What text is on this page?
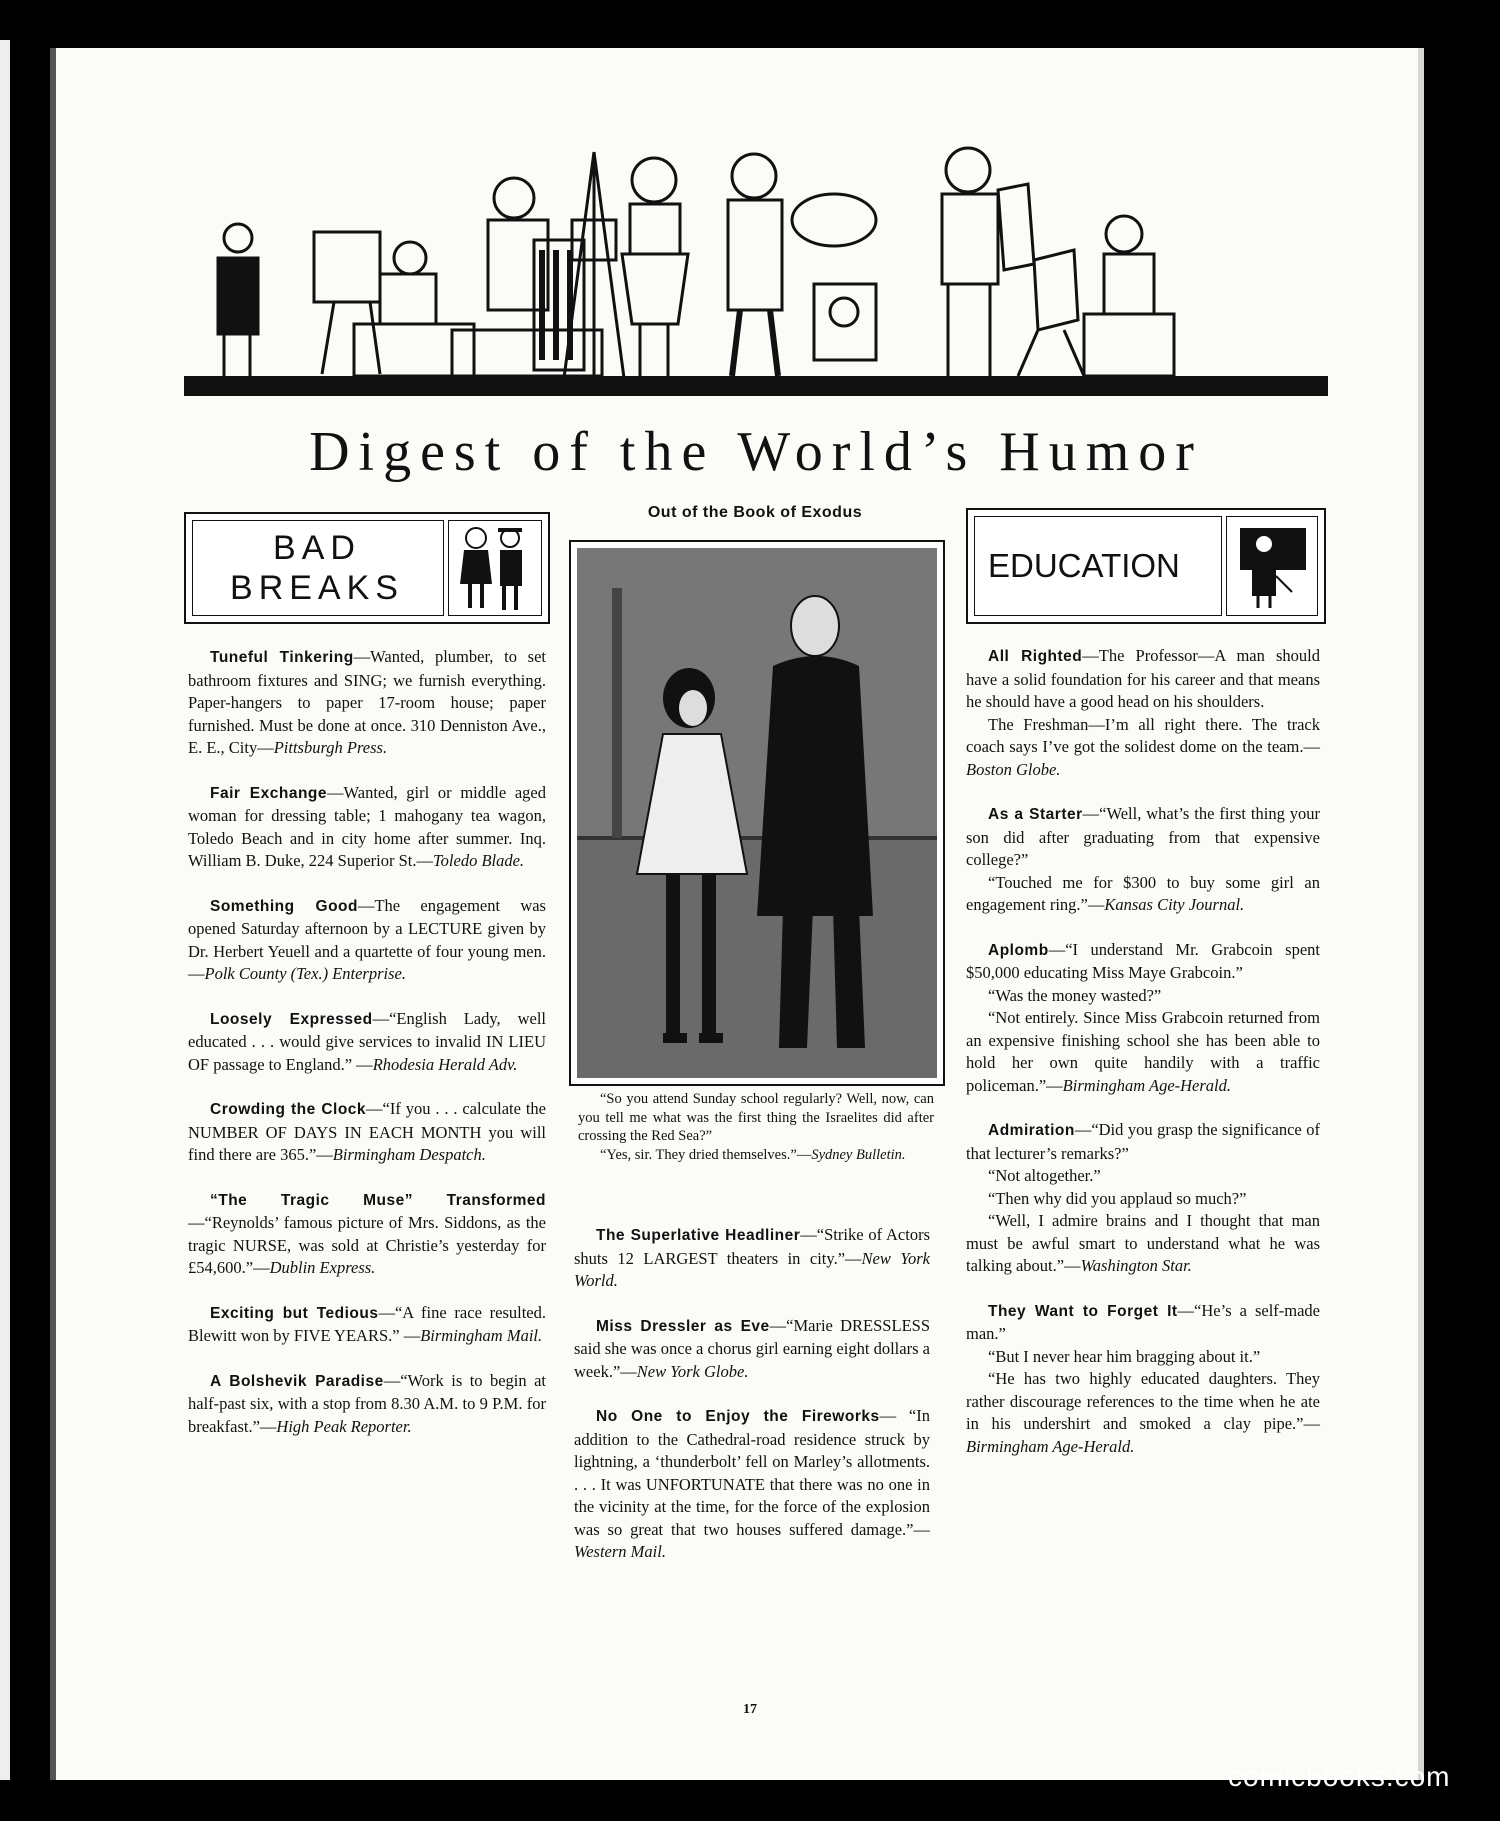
Digest of the World’s Humor
BAD
BREAKS
EDUCATION

Tuneful Tinkering—Wanted, plumber, to set bathroom fixtures and SING; we furnish everything. Paper-hangers to paper 17-room house; paper furnished. Must be done at once. 310 Denniston Ave., E. E., City—Pittsburgh Press.

Fair Exchange—Wanted, girl or middle aged woman for dressing table; 1 mahogany tea wagon, Toledo Beach and in city home after summer. Inq. William B. Duke, 224 Superior St.—Toledo Blade.

Something Good—The engagement was opened Saturday afternoon by a LECTURE given by Dr. Herbert Yeuell and a quartette of four young men.—Polk County (Tex.) Enterprise.

Loosely Expressed—“English Lady, well educated . . . would give services to invalid IN LIEU OF passage to England.” —Rhodesia Herald Adv.

Crowding the Clock—“If you . . . calculate the NUMBER OF DAYS IN EACH MONTH you will find there are 365.”—Birmingham Despatch.

“The Tragic Muse” Transformed —“Reynolds’ famous picture of Mrs. Siddons, as the tragic NURSE, was sold at Christie’s yesterday for £54,600.”—Dublin Express.

Exciting but Tedious—“A fine race resulted. Blewitt won by FIVE YEARS.” —Birmingham Mail.

A Bolshevik Paradise—“Work is to begin at half-past six, with a stop from 8.30 A.M. to 9 P.M. for breakfast.”—High Peak Reporter.

Out of the Book of Exodus

“So you attend Sunday school regularly? Well, now, can you tell me what was the first thing the Israelites did after crossing the Red Sea?”

“Yes, sir. They dried themselves.”—Sydney Bulletin.

The Superlative Headliner—“Strike of Actors shuts 12 LARGEST theaters in city.”—New York World.

Miss Dressler as Eve—“Marie DRESSLESS said she was once a chorus girl earning eight dollars a week.”—New York Globe.

No One to Enjoy the Fireworks— “In addition to the Cathedral-road residence struck by lightning, a ‘thunderbolt’ fell on Marley’s allotments. . . . It was UNFORTUNATE that there was no one in the vicinity at the time, for the force of the explosion was so great that two houses suffered damage.”—Western Mail.

All Righted—The Professor—A man should have a solid foundation for his career and that means he should have a good head on his shoulders.

The Freshman—I’m all right there. The track coach says I’ve got the solidest dome on the team.—Boston Globe.

As a Starter—“Well, what’s the first thing your son did after graduating from that expensive college?”

“Touched me for $300 to buy some girl an engagement ring.”—Kansas City Journal.

Aplomb—“I understand Mr. Grabcoin spent $50,000 educating Miss Maye Grabcoin.”

“Was the money wasted?”

“Not entirely. Since Miss Grabcoin returned from an expensive finishing school she has been able to hold her own quite handily with a traffic policeman.”—Birmingham Age-Herald.

Admiration—“Did you grasp the significance of that lecturer’s remarks?”

“Not altogether.”

“Then why did you applaud so much?”

“Well, I admire brains and I thought that man must be awful smart to understand what he was talking about.”—Washington Star.

They Want to Forget It—“He’s a self-made man.”

“But I never hear him bragging about it.”

“He has two highly educated daughters. They rather discourage references to the time when he ate in his undershirt and smoked a clay pipe.”—Birmingham Age-Herald.

17
comicbooks.com
